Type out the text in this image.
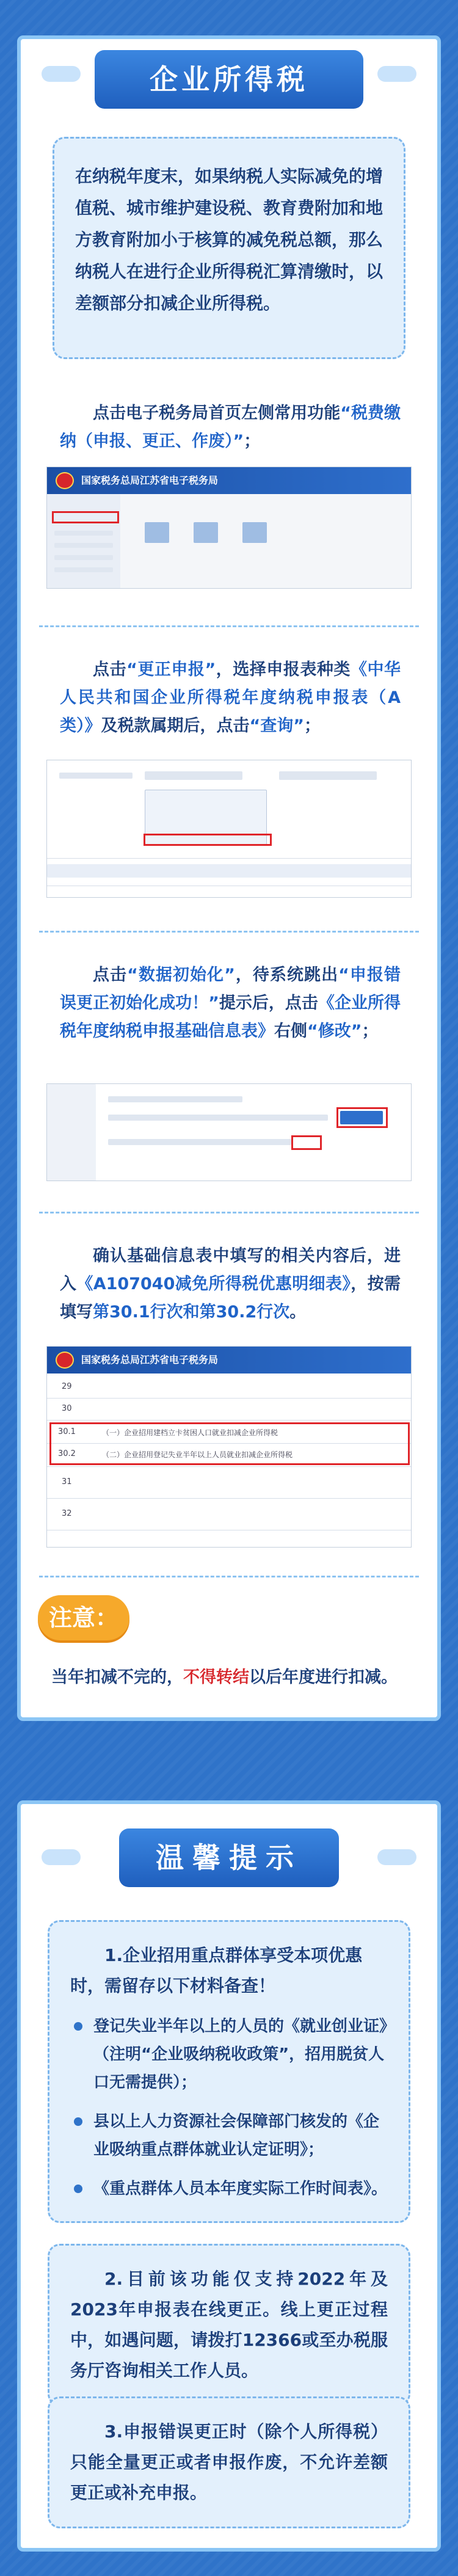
企业所得税
在纳税年度末，如果纳税人实际减免的增值税、城市维护建设税、教育费附加和地方教育附加小于核算的减免税总额，那么纳税人在进行企业所得税汇算清缴时，以差额部分扣减企业所得税。
点击电子税务局首页左侧常用功能“税费缴纳（申报、更正、作废）”；
国家税务总局江苏省电子税务局
点击“更正申报”，选择申报表种类《中华人民共和国企业所得税年度纳税申报表（A类）》及税款属期后，点击“查询”；
点击“数据初始化”，待系统跳出“申报错误更正初始化成功！”提示后，点击《企业所得税年度纳税申报基础信息表》右侧“修改”；
确认基础信息表中填写的相关内容后，进入《A107040减免所得税优惠明细表》，按需填写第30.1行次和第30.2行次。
国家税务总局江苏省电子税务局
29
30
30.1	（一）企业招用建档立卡贫困人口就业扣减企业所得税
30.2	（二）企业招用登记失业半年以上人员就业扣减企业所得税
31
32
注意：
当年扣减不完的，不得转结以后年度进行扣减。
温馨提示
1.企业招用重点群体享受本项优惠时，需留存以下材料备查！
登记失业半年以上的人员的《就业创业证》（注明“企业吸纳税收政策”，招用脱贫人口无需提供）；
县以上人力资源社会保障部门核发的《企业吸纳重点群体就业认定证明》；
《重点群体人员本年度实际工作时间表》。
2.目前该功能仅支持2022年及2023年申报表在线更正。线上更正过程中，如遇问题，请拨打12366或至办税服务厅咨询相关工作人员。
3.申报错误更正时（除个人所得税）只能全量更正或者申报作废，不允许差额更正或补充申报。
